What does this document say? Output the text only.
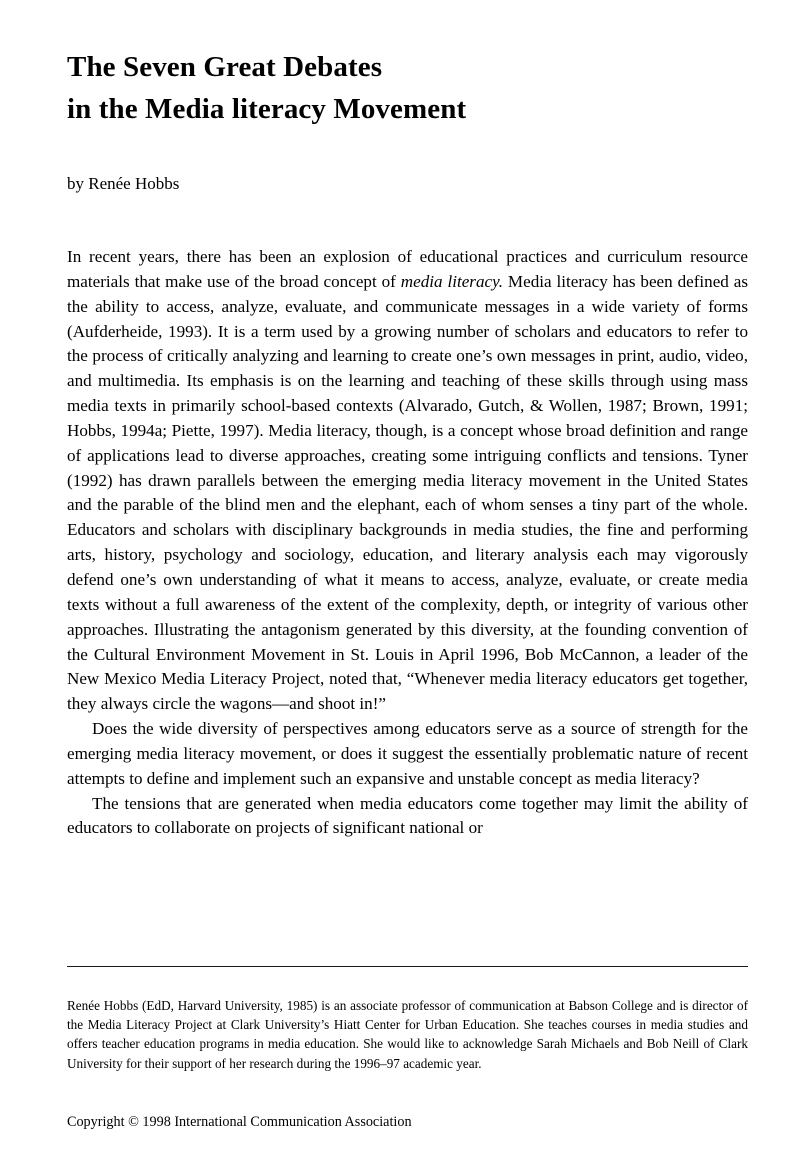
The Seven Great Debates
in the Media literacy Movement

by Renée Hobbs

In recent years, there has been an explosion of educational practices and curriculum resource materials that make use of the broad concept of media literacy. Media literacy has been defined as the ability to access, analyze, evaluate, and communicate messages in a wide variety of forms (Aufderheide, 1993). It is a term used by a growing number of scholars and educators to refer to the process of critically analyzing and learning to create one’s own messages in print, audio, video, and multimedia. Its emphasis is on the learning and teaching of these skills through using mass media texts in primarily school-based contexts (Alvarado, Gutch, & Wollen, 1987; Brown, 1991; Hobbs, 1994a; Piette, 1997). Media literacy, though, is a concept whose broad definition and range of applications lead to diverse approaches, creating some intriguing conflicts and tensions. Tyner (1992) has drawn parallels between the emerging media literacy movement in the United States and the parable of the blind men and the elephant, each of whom senses a tiny part of the whole. Educators and scholars with disciplinary backgrounds in media studies, the fine and performing arts, history, psychology and sociology, education, and literary analysis each may vigorously defend one’s own understanding of what it means to access, analyze, evaluate, or create media texts without a full awareness of the extent of the complexity, depth, or integrity of various other approaches. Illustrating the antagonism generated by this diversity, at the founding convention of the Cultural Environment Movement in St. Louis in April 1996, Bob McCannon, a leader of the New Mexico Media Literacy Project, noted that, “Whenever media literacy educators get together, they always circle the wagons—and shoot in!”

Does the wide diversity of perspectives among educators serve as a source of strength for the emerging media literacy movement, or does it suggest the essentially problematic nature of recent attempts to define and implement such an expansive and unstable concept as media literacy?

The tensions that are generated when media educators come together may limit the ability of educators to collaborate on projects of significant national or

Renée Hobbs (EdD, Harvard University, 1985) is an associate professor of communication at Babson College and is director of the Media Literacy Project at Clark University’s Hiatt Center for Urban Education. She teaches courses in media studies and offers teacher education programs in media education. She would like to acknowledge Sarah Michaels and Bob Neill of Clark University for their support of her research during the 1996–97 academic year.

Copyright © 1998 International Communication Association
